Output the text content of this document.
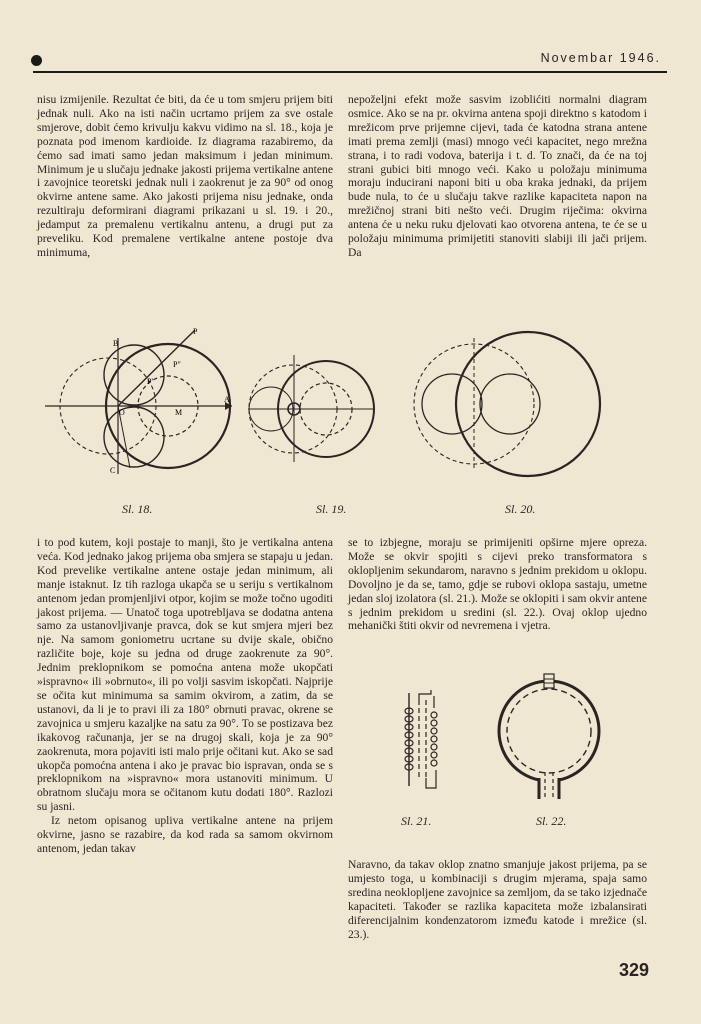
Novembar 1946.

nisu izmijenile. Rezultat će biti, da će u tom smjeru prijem biti jednak nuli. Ako na isti način ucrtamo prijem za sve ostale smjerove, dobit ćemo krivulju kakvu vidimo na sl. 18., koja je poznata pod imenom kardioide. Iz diagrama razabiremo, da ćemo sad imati samo jedan maksimum i jedan minimum. Minimum je u slučaju jednake jakosti prijema vertikalne antene i zavojnice teoretski jednak nuli i zaokrenut je za 90° od onog okvirne antene same. Ako jakosti prijema nisu jednake, onda rezultiraju deformirani diagrami prikazani u sl. 19. i 20., jedamput za premalenu vertikalnu antenu, a drugi put za preveliku. Kod premalene vertikalne antene postoje dva minimuma,

nepoželjni efekt može sasvim izoblićiti normalni diagram osmice. Ako se na pr. okvirna antena spoji direktno s katodom i mrežicom prve prijemne cijevi, tada će katodna strana antene imati prema zemlji (masi) mnogo veći kapacitet, nego mrežna strana, i to radi vodova, baterija i t. d. To znači, da će na toj strani gubici biti mnogo veći. Kako u položaju minimuma moraju inducirani naponi biti u oba kraka jednaki, da prijem bude nula, to će u slučaju takve razlike kapaciteta napon na mrežičnoj strani biti nešto veći. Drugim riječima: okvirna antena će u neku ruku djelovati kao otvorena antena, te će se u položaju minimuma primijetiti stanoviti slabiji ili jači prijem. Da

P
P"
P'
B
C
O	M
A
Sl. 18.	Sl. 19.	Sl. 20.

i to pod kutem, koji postaje to manji, što je vertikalna antena veća. Kod jednako jakog prijema oba smjera se stapaju u jedan. Kod prevelike vertikalne antene ostaje jedan minimum, ali manje istaknut. Iz tih razloga ukapča se u seriju s vertikalnom antenom jedan promjenljivi otpor, kojim se može točno ugoditi jakost prijema. — Unatoč toga upotrebljava se dodatna antena samo za ustanovljivanje pravca, dok se kut smjera mjeri bez nje. Na samom goniometru ucrtane su dvije skale, obično različite boje, koje su jedna od druge zaokrenute za 90°. Jednim preklopnikom se pomoćna antena može ukopčati »ispravno« ili »obrnuto«, ili po volji sasvim iskopčati. Najprije se očita kut minimuma sa samim okvirom, a zatim, da se ustanovi, da li je to pravi ili za 180° obrnuti pravac, okrene se zavojnica u smjeru kazaljke na satu za 90°. To se postizava bez ikakovog računanja, jer se na drugoj skali, koja je za 90° zaokrenuta, mora pojaviti isti malo prije očitani kut. Ako se sad ukopča pomoćna antena i ako je pravac bio ispravan, onda se s preklopnikom na »ispravno« mora ustanoviti minimum. U obratnom slučaju mora se očitanom kutu dodati 180°. Razlozi su jasni.

Iz netom opisanog upliva vertikalne antene na prijem okvirne, jasno se razabire, da kod rada sa samom okvirnom antenom, jedan takav

se to izbjegne, moraju se primijeniti opširne mjere opreza. Može se okvir spojiti s cijevi preko transformatora s oklopljenim sekundarom, naravno s jednim prekidom u oklopu. Dovoljno je da se, tamo, gdje se rubovi oklopa sastaju, umetne jedan sloj izolatora (sl. 21.). Može se oklopiti i sam okvir antene s jednim prekidom u sredini (sl. 22.). Ovaj oklop ujedno mehanički štiti okvir od nevremena i vjetra.

Sl. 21.	Sl. 22.

Naravno, da takav oklop znatno smanjuje jakost prijema, pa se umjesto toga, u kombinaciji s drugim mjerama, spaja samo sredina neoklopljene zavojnice sa zemljom, da se tako izjednače kapaciteti. Također se razlika kapaciteta može izbalansirati diferencijalnim kondenzatorom između katode i mrežice (sl. 23.).

329
